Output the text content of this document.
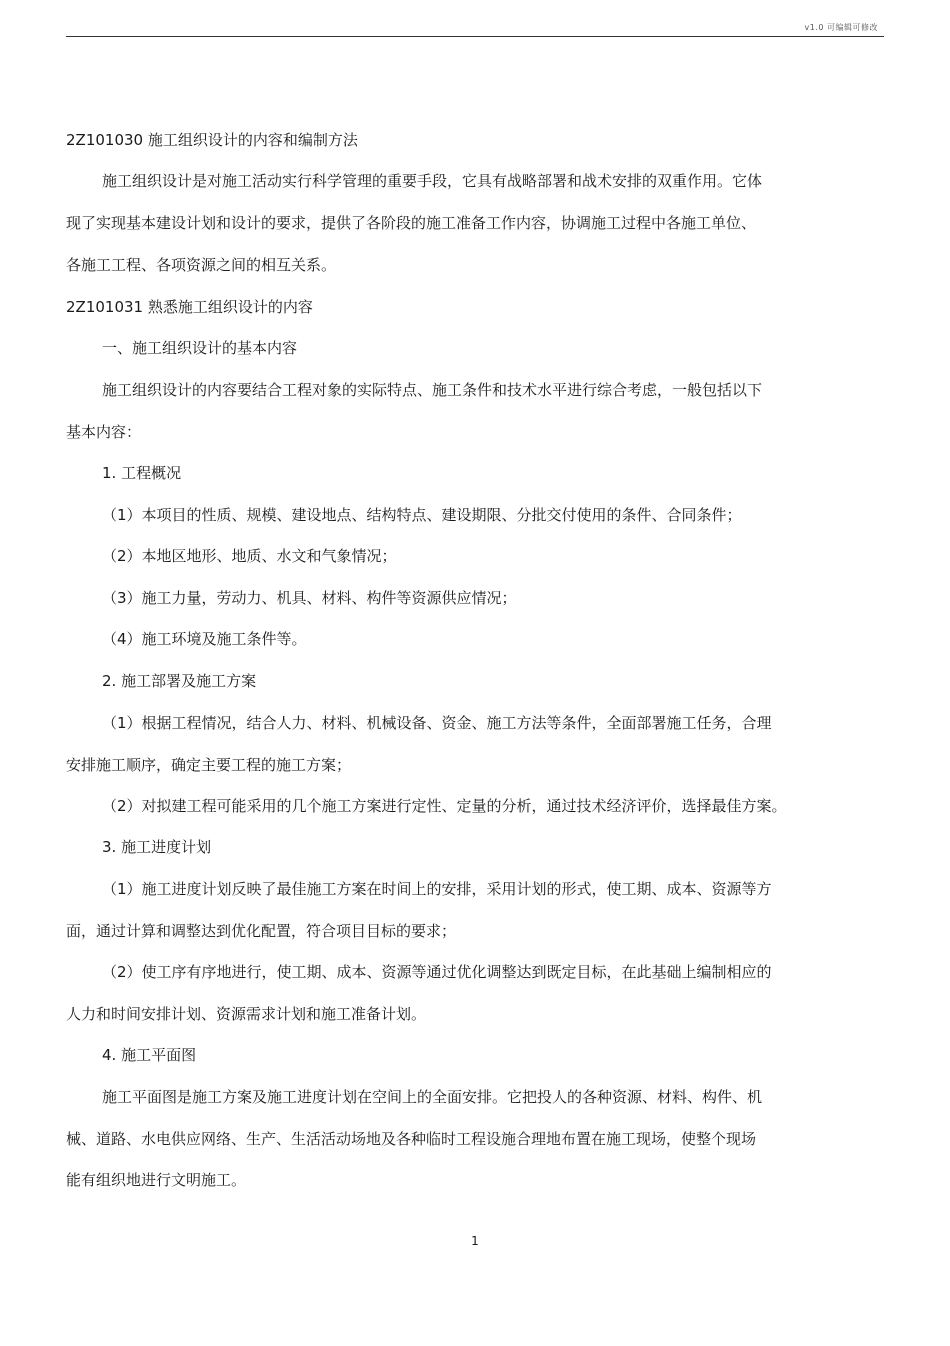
v1.0 可编辑可修改
2Z101030 施工组织设计的内容和编制方法
施工组织设计是对施工活动实行科学管理的重要手段，它具有战略部署和战术安排的双重作用。它体
现了实现基本建设计划和设计的要求，提供了各阶段的施工准备工作内容，协调施工过程中各施工单位、
各施工工程、各项资源之间的相互关系。
2Z101031 熟悉施工组织设计的内容
一、施工组织设计的基本内容
施工组织设计的内容要结合工程对象的实际特点、施工条件和技术水平进行综合考虑，一般包括以下
基本内容：
1. 工程概况
（1）本项目的性质、规模、建设地点、结构特点、建设期限、分批交付使用的条件、合同条件；
（2）本地区地形、地质、水文和气象情况；
（3）施工力量，劳动力、机具、材料、构件等资源供应情况；
（4）施工环境及施工条件等。
2. 施工部署及施工方案
（1）根据工程情况，结合人力、材料、机械设备、资金、施工方法等条件，全面部署施工任务，合理
安排施工顺序，确定主要工程的施工方案；
（2）对拟建工程可能采用的几个施工方案进行定性、定量的分析，通过技术经济评价，选择最佳方案。
3. 施工进度计划
（1）施工进度计划反映了最佳施工方案在时间上的安排，采用计划的形式，使工期、成本、资源等方
面，通过计算和调整达到优化配置，符合项目目标的要求；
（2）使工序有序地进行，使工期、成本、资源等通过优化调整达到既定目标，在此基础上编制相应的
人力和时间安排计划、资源需求计划和施工准备计划。
4. 施工平面图
施工平面图是施工方案及施工进度计划在空间上的全面安排。它把投人的各种资源、材料、构件、机
械、道路、水电供应网络、生产、生活活动场地及各种临时工程设施合理地布置在施工现场，使整个现场
能有组织地进行文明施工。
1
